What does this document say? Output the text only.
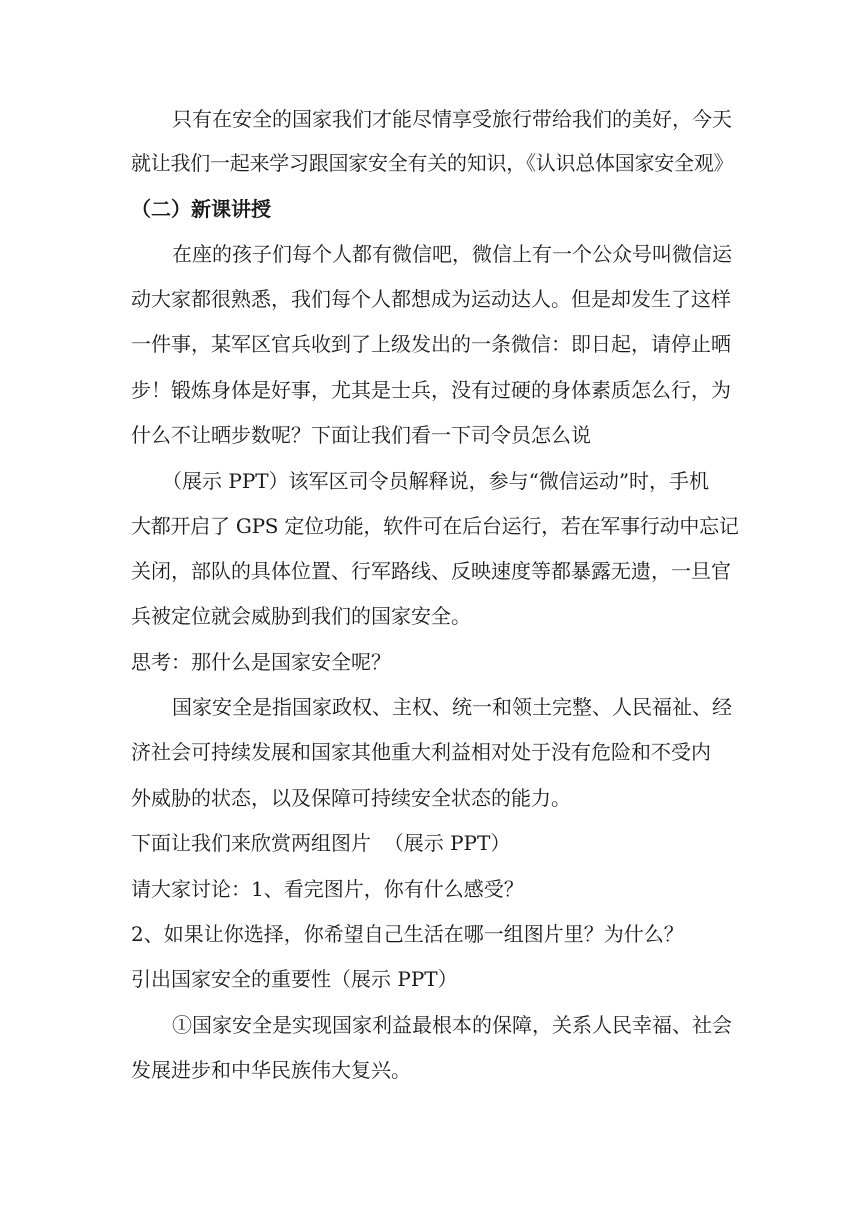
只有在安全的国家我们才能尽情享受旅行带给我们的美好，今天

就让我们一起来学习跟国家安全有关的知识，《认识总体国家安全观》

（二）新课讲授

在座的孩子们每个人都有微信吧，微信上有一个公众号叫微信运

动大家都很熟悉，我们每个人都想成为运动达人。但是却发生了这样

一件事，某军区官兵收到了上级发出的一条微信：即日起，请停止晒

步！锻炼身体是好事，尤其是士兵，没有过硬的身体素质怎么行，为

什么不让晒步数呢？下面让我们看一下司令员怎么说

（展示 PPT）该军区司令员解释说，参与“微信运动”时，手机

大都开启了 GPS 定位功能，软件可在后台运行，若在军事行动中忘记

关闭，部队的具体位置、行军路线、反映速度等都暴露无遗，一旦官

兵被定位就会威胁到我们的国家安全。

思考：那什么是国家安全呢？

国家安全是指国家政权、主权、统一和领土完整、人民福祉、经

济社会可持续发展和国家其他重大利益相对处于没有危险和不受内

外威胁的状态，以及保障可持续安全状态的能力。

下面让我们来欣赏两组图片  （展示 PPT）

请大家讨论：1、看完图片，你有什么感受？

2、如果让你选择，你希望自己生活在哪一组图片里？为什么？

引出国家安全的重要性（展示 PPT）

①国家安全是实现国家利益最根本的保障，关系人民幸福、社会

发展进步和中华民族伟大复兴。
